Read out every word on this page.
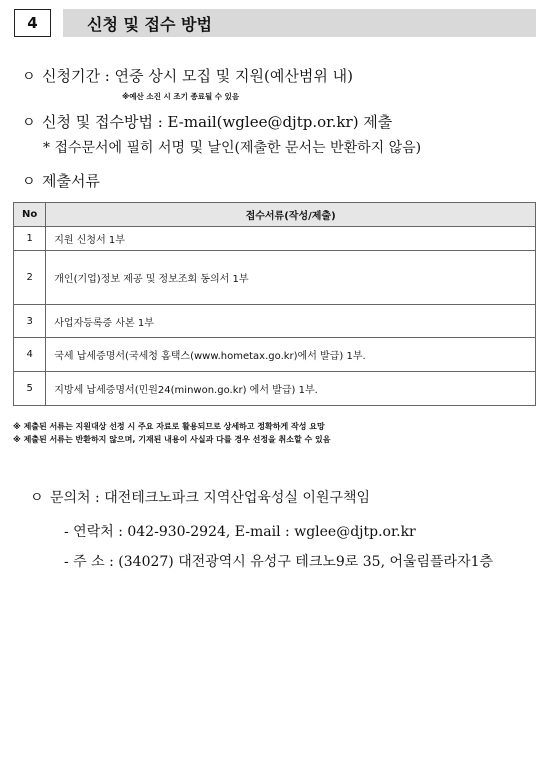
4	신청 및 접수 방법
ㅇ 신청기간 : 연중 상시 모집 및 지원(예산범위 내)
※예산 소진 시 조기 종료될 수 있음
ㅇ 신청 및 접수방법 : E-mail(wglee@djtp.or.kr) 제출
* 접수문서에 필히 서명 및 날인(제출한 문서는 반환하지 않음)
ㅇ 제출서류
No	접수서류(작성/제출)
1	지원 신청서 1부
2	개인(기업)정보 제공 및 정보조회 동의서 1부
3	사업자등록증 사본 1부
4	국세 납세증명서(국세청 홈택스(www.hometax.go.kr)에서 발급) 1부.
5	지방세 납세증명서(민원24(minwon.go.kr) 에서 발급) 1부.
※ 제출된 서류는 지원대상 선정 시 주요 자료로 활용되므로 상세하고 정확하게 작성 요망
※ 제출된 서류는 반환하지 않으며, 기재된 내용이 사실과 다를 경우 선정을 취소할 수 있음
ㅇ 문의처 : 대전테크노파크 지역산업육성실 이원구책임
- 연락처 : 042-930-2924, E-mail : wglee@djtp.or.kr
- 주 소 : (34027) 대전광역시 유성구 테크노9로 35, 어울림플라자1층
